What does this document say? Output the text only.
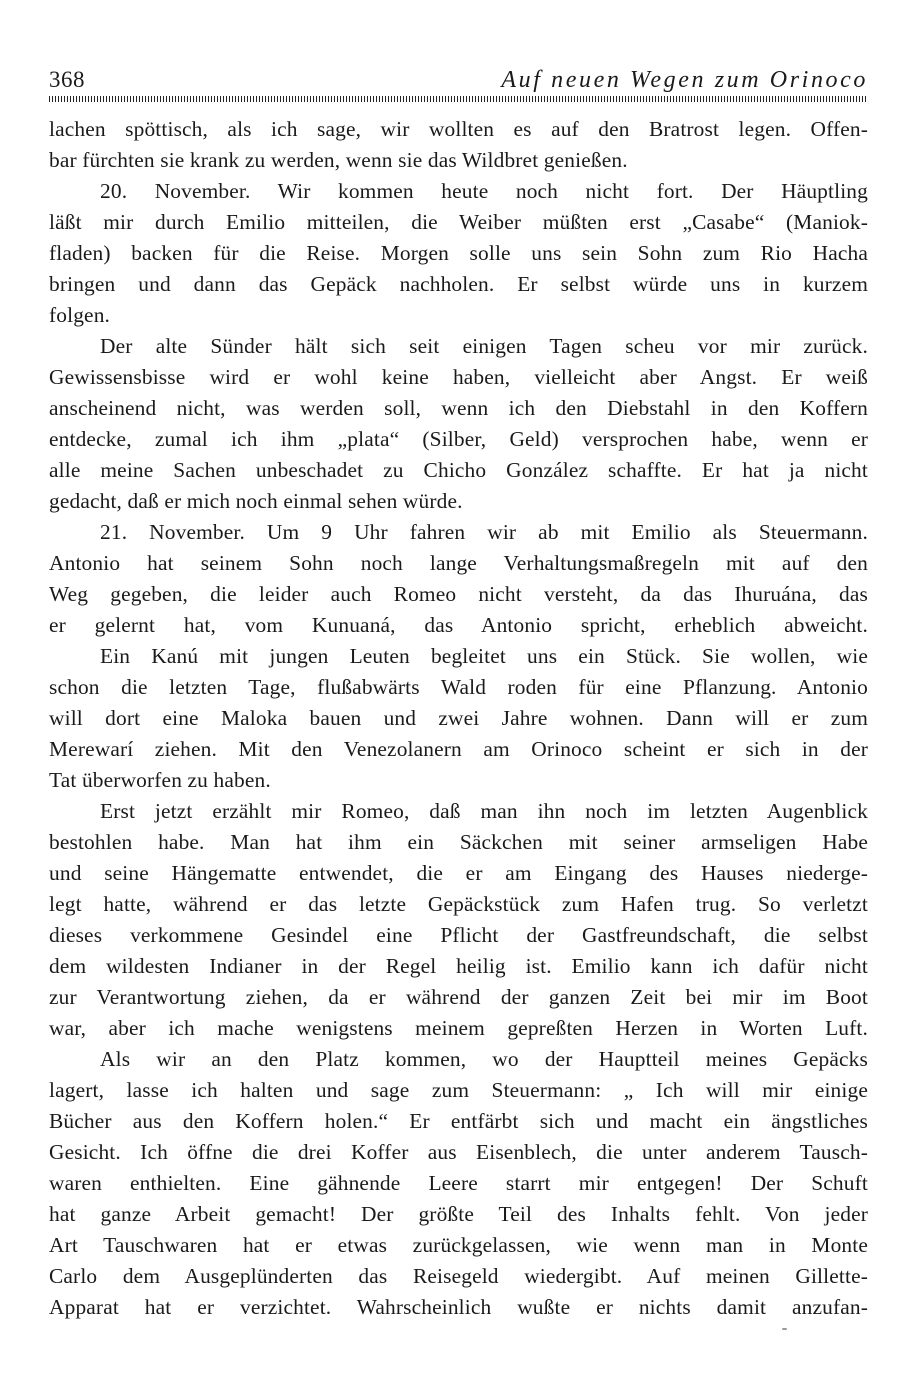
368	Auf neuen Wegen zum Orinoco
lachen spöttisch, als ich sage, wir wollten es auf den Bratrost legen. Offen-
bar fürchten sie krank zu werden, wenn sie das Wildbret genießen.
20. November. Wir kommen heute noch nicht fort. Der Häuptling
läßt mir durch Emilio mitteilen, die Weiber müßten erst „Casabe“ (Maniok-
fladen) backen für die Reise. Morgen solle uns sein Sohn zum Rio Hacha
bringen und dann das Gepäck nachholen. Er selbst würde uns in kurzem
folgen.
Der alte Sünder hält sich seit einigen Tagen scheu vor mir zurück.
Gewissensbisse wird er wohl keine haben, vielleicht aber Angst. Er weiß
anscheinend nicht, was werden soll, wenn ich den Diebstahl in den Koffern
entdecke, zumal ich ihm „plata“ (Silber, Geld) versprochen habe, wenn er
alle meine Sachen unbeschadet zu Chicho González schaffte. Er hat ja nicht
gedacht, daß er mich noch einmal sehen würde.
21. November. Um 9 Uhr fahren wir ab mit Emilio als Steuermann.
Antonio hat seinem Sohn noch lange Verhaltungsmaßregeln mit auf den
Weg gegeben, die leider auch Romeo nicht versteht, da das Ihuruána, das
er gelernt hat, vom Kunuaná, das Antonio spricht, erheblich abweicht.
Ein Kanú mit jungen Leuten begleitet uns ein Stück. Sie wollen, wie
schon die letzten Tage, flußabwärts Wald roden für eine Pflanzung. Antonio
will dort eine Maloka bauen und zwei Jahre wohnen. Dann will er zum
Merewarí ziehen. Mit den Venezolanern am Orinoco scheint er sich in der
Tat überworfen zu haben.
Erst jetzt erzählt mir Romeo, daß man ihn noch im letzten Augenblick
bestohlen habe. Man hat ihm ein Säckchen mit seiner armseligen Habe
und seine Hängematte entwendet, die er am Eingang des Hauses niederge-
legt hatte, während er das letzte Gepäckstück zum Hafen trug. So verletzt
dieses verkommene Gesindel eine Pflicht der Gastfreundschaft, die selbst
dem wildesten Indianer in der Regel heilig ist. Emilio kann ich dafür nicht
zur Verantwortung ziehen, da er während der ganzen Zeit bei mir im Boot
war, aber ich mache wenigstens meinem gepreßten Herzen in Worten Luft.
Als wir an den Platz kommen, wo der Hauptteil meines Gepäcks
lagert, lasse ich halten und sage zum Steuermann: „ Ich will mir einige
Bücher aus den Koffern holen.“ Er entfärbt sich und macht ein ängstliches
Gesicht. Ich öffne die drei Koffer aus Eisenblech, die unter anderem Tausch-
waren enthielten. Eine gähnende Leere starrt mir entgegen! Der Schuft
hat ganze Arbeit gemacht! Der größte Teil des Inhalts fehlt. Von jeder
Art Tauschwaren hat er etwas zurückgelassen, wie wenn man in Monte
Carlo dem Ausgeplünderten das Reisegeld wiedergibt. Auf meinen Gillette-
Apparat hat er verzichtet. Wahrscheinlich wußte er nichts damit anzufan-
